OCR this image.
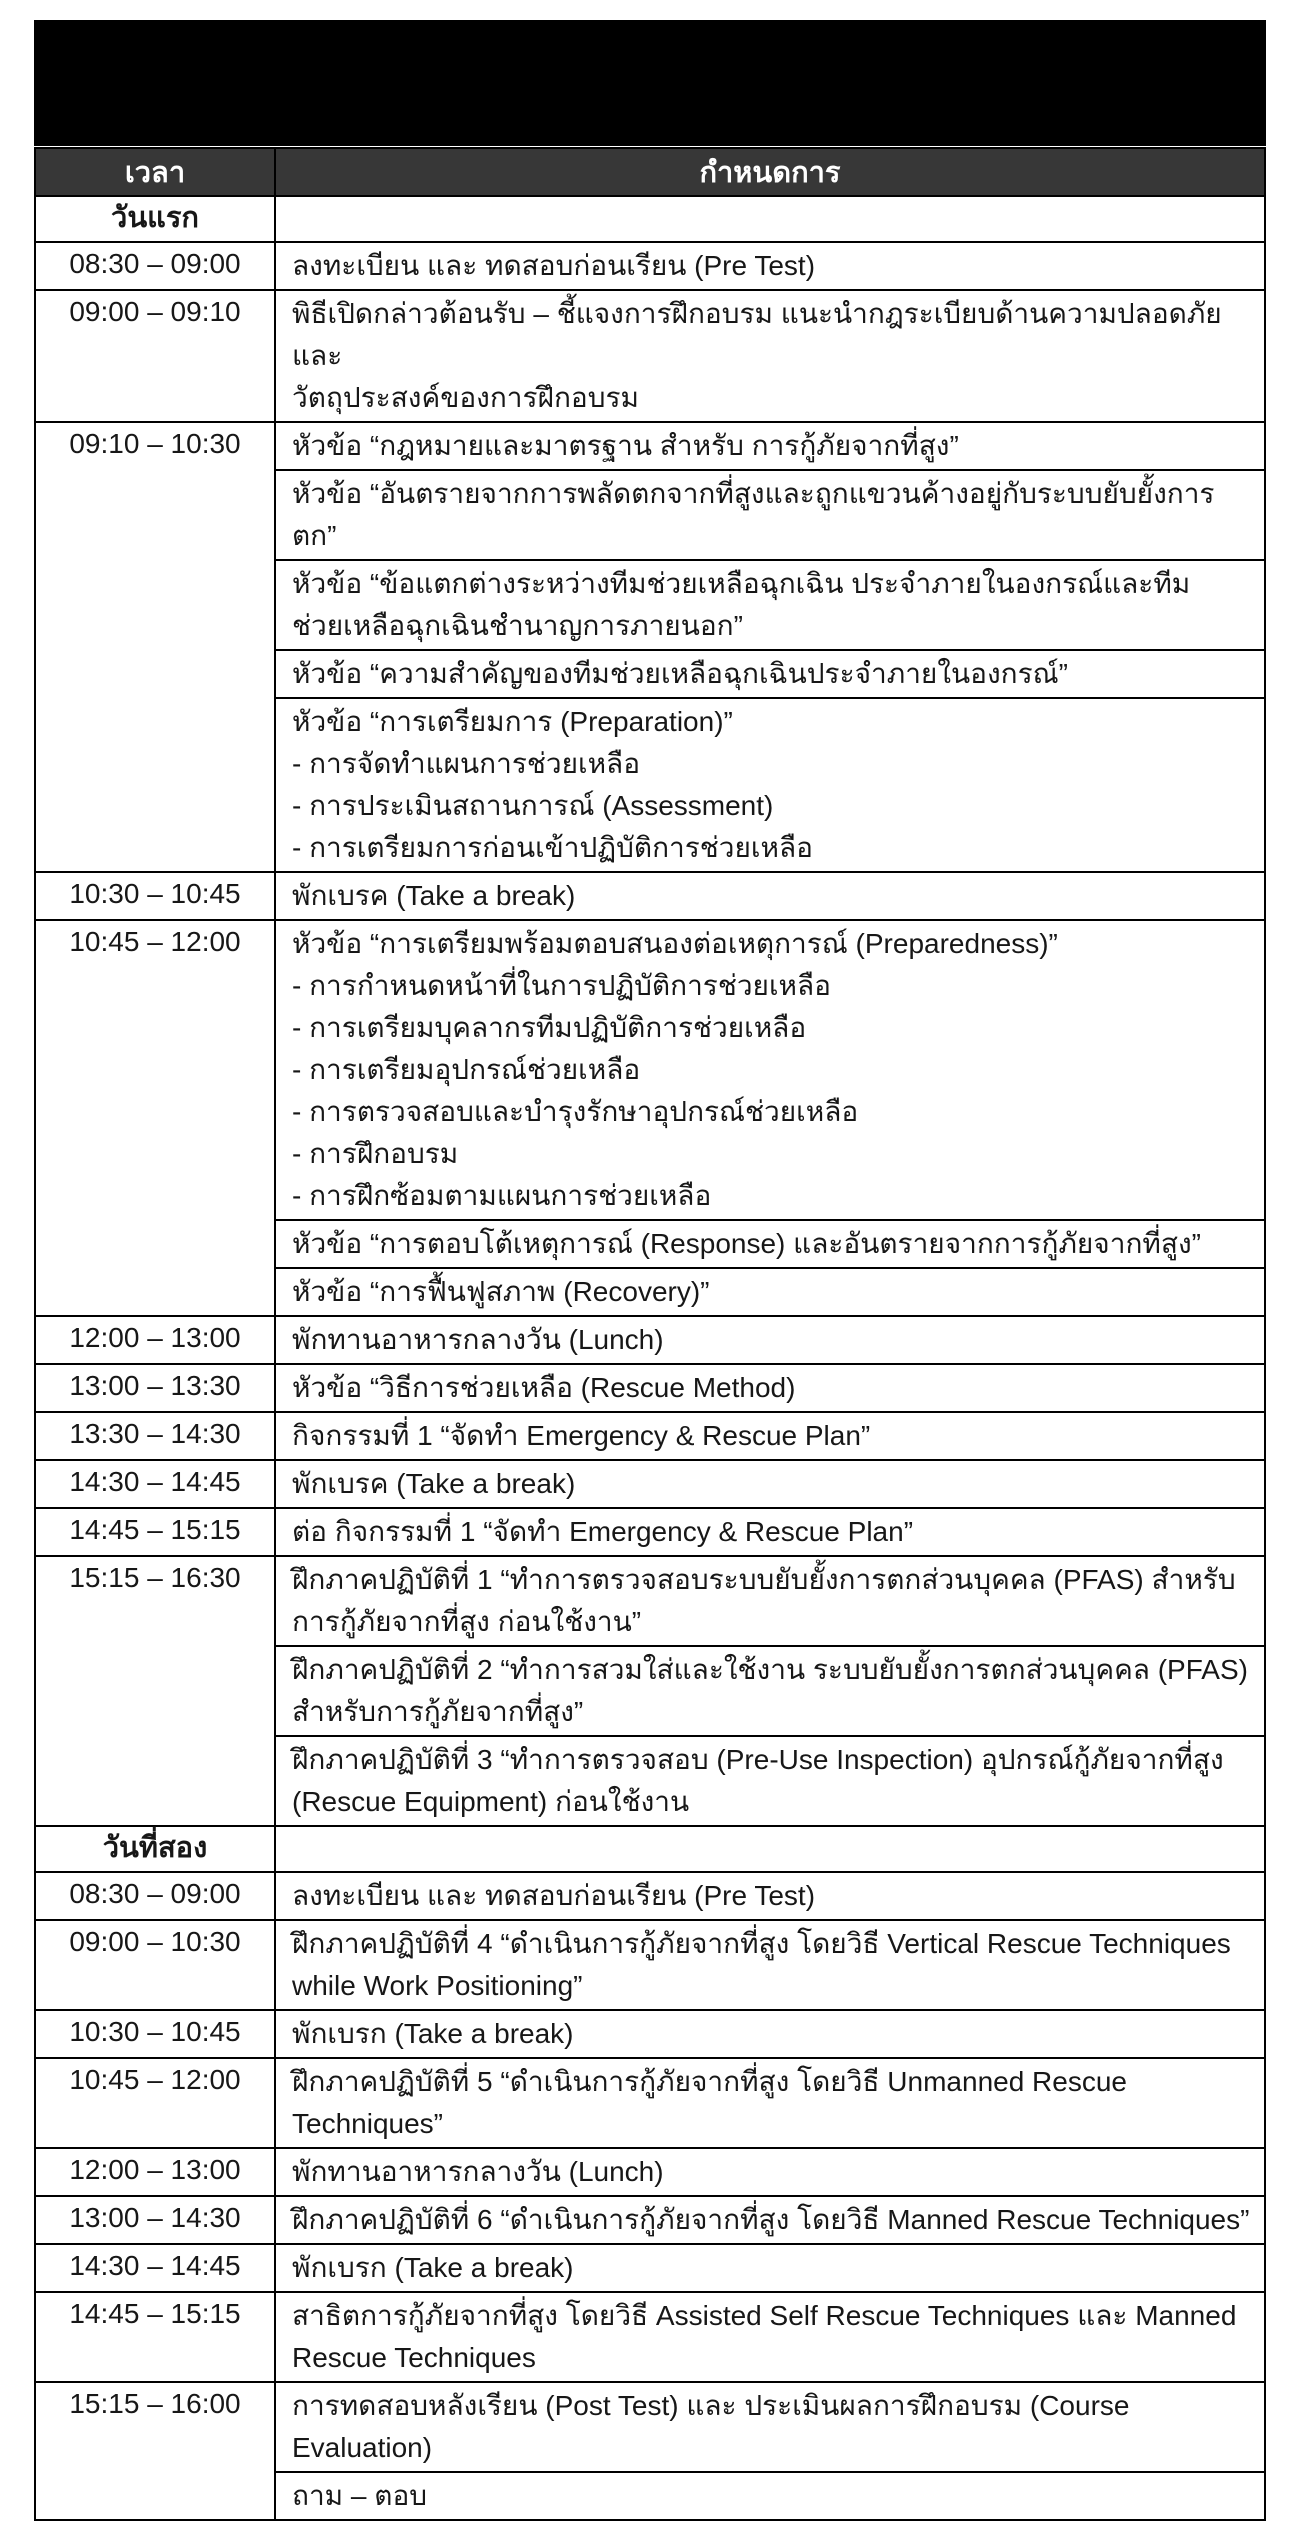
เวลา	กำหนดการ
วันแรก	
08:30 – 09:00	ลงทะเบียน และ ทดสอบก่อนเรียน (Pre Test)

09:00 – 09:10	พิธีเปิดกล่าวต้อนรับ – ชี้แจงการฝึกอบรม แนะนำกฎระเบียบด้านความปลอดภัย และ
วัตถุประสงค์ของการฝึกอบรม

09:10 – 10:30	หัวข้อ “กฎหมายและมาตรฐาน สำหรับ การกู้ภัยจากที่สูง”
หัวข้อ “อันตรายจากการพลัดตกจากที่สูงและถูกแขวนค้างอยู่กับระบบยับยั้งการตก”
หัวข้อ “ข้อแตกต่างระหว่างทีมช่วยเหลือฉุกเฉิน ประจำภายในองกรณ์และทีม
ช่วยเหลือฉุกเฉินชำนาญการภายนอก”
หัวข้อ “ความสำคัญของทีมช่วยเหลือฉุกเฉินประจำภายในองกรณ์”
หัวข้อ “การเตรียมการ (Preparation)”
- การจัดทำแผนการช่วยเหลือ
- การประเมินสถานการณ์ (Assessment)
- การเตรียมการก่อนเข้าปฏิบัติการช่วยเหลือ

10:30 – 10:45	พักเบรค (Take a break)

10:45 – 12:00	หัวข้อ “การเตรียมพร้อมตอบสนองต่อเหตุการณ์ (Preparedness)”
- การกำหนดหน้าที่ในการปฏิบัติการช่วยเหลือ
- การเตรียมบุคลากรทีมปฏิบัติการช่วยเหลือ
- การเตรียมอุปกรณ์ช่วยเหลือ
- การตรวจสอบและบำรุงรักษาอุปกรณ์ช่วยเหลือ
- การฝึกอบรม
- การฝึกซ้อมตามแผนการช่วยเหลือ
หัวข้อ “การตอบโต้เหตุการณ์ (Response) และอันตรายจากการกู้ภัยจากที่สูง”
หัวข้อ “การฟื้นฟูสภาพ (Recovery)”

12:00 – 13:00	พักทานอาหารกลางวัน (Lunch)

13:00 – 13:30	หัวข้อ “วิธีการช่วยเหลือ (Rescue Method)

13:30 – 14:30	กิจกรรมที่ 1 “จัดทำ Emergency & Rescue Plan”

14:30 – 14:45	พักเบรค (Take a break)

14:45 – 15:15	ต่อ กิจกรรมที่ 1 “จัดทำ Emergency & Rescue Plan”

15:15 – 16:30	ฝึกภาคปฏิบัติที่ 1 “ทำการตรวจสอบระบบยับยั้งการตกส่วนบุคคล (PFAS) สำหรับ
การกู้ภัยจากที่สูง ก่อนใช้งาน”
ฝึกภาคปฏิบัติที่ 2 “ทำการสวมใส่และใช้งาน ระบบยับยั้งการตกส่วนบุคคล (PFAS)
สำหรับการกู้ภัยจากที่สูง”
ฝึกภาคปฏิบัติที่ 3 “ทำการตรวจสอบ (Pre-Use Inspection) อุปกรณ์กู้ภัยจากที่สูง
(Rescue Equipment) ก่อนใช้งาน

วันที่สอง	
08:30 – 09:00	ลงทะเบียน และ ทดสอบก่อนเรียน (Pre Test)

09:00 – 10:30	ฝึกภาคปฏิบัติที่ 4 “ดำเนินการกู้ภัยจากที่สูง โดยวิธี Vertical Rescue Techniques
while Work Positioning”

10:30 – 10:45	พักเบรก (Take a break)

10:45 – 12:00	ฝึกภาคปฏิบัติที่ 5 “ดำเนินการกู้ภัยจากที่สูง โดยวิธี Unmanned Rescue
Techniques”

12:00 – 13:00	พักทานอาหารกลางวัน (Lunch)

13:00 – 14:30	ฝึกภาคปฏิบัติที่ 6 “ดำเนินการกู้ภัยจากที่สูง โดยวิธี Manned Rescue Techniques”

14:30 – 14:45	พักเบรก (Take a break)

14:45 – 15:15	สาธิตการกู้ภัยจากที่สูง โดยวิธี Assisted Self Rescue Techniques และ Manned
Rescue Techniques

15:15 – 16:00	การทดสอบหลังเรียน (Post Test) และ ประเมินผลการฝึกอบรม (Course
Evaluation)
ถาม – ตอบ
